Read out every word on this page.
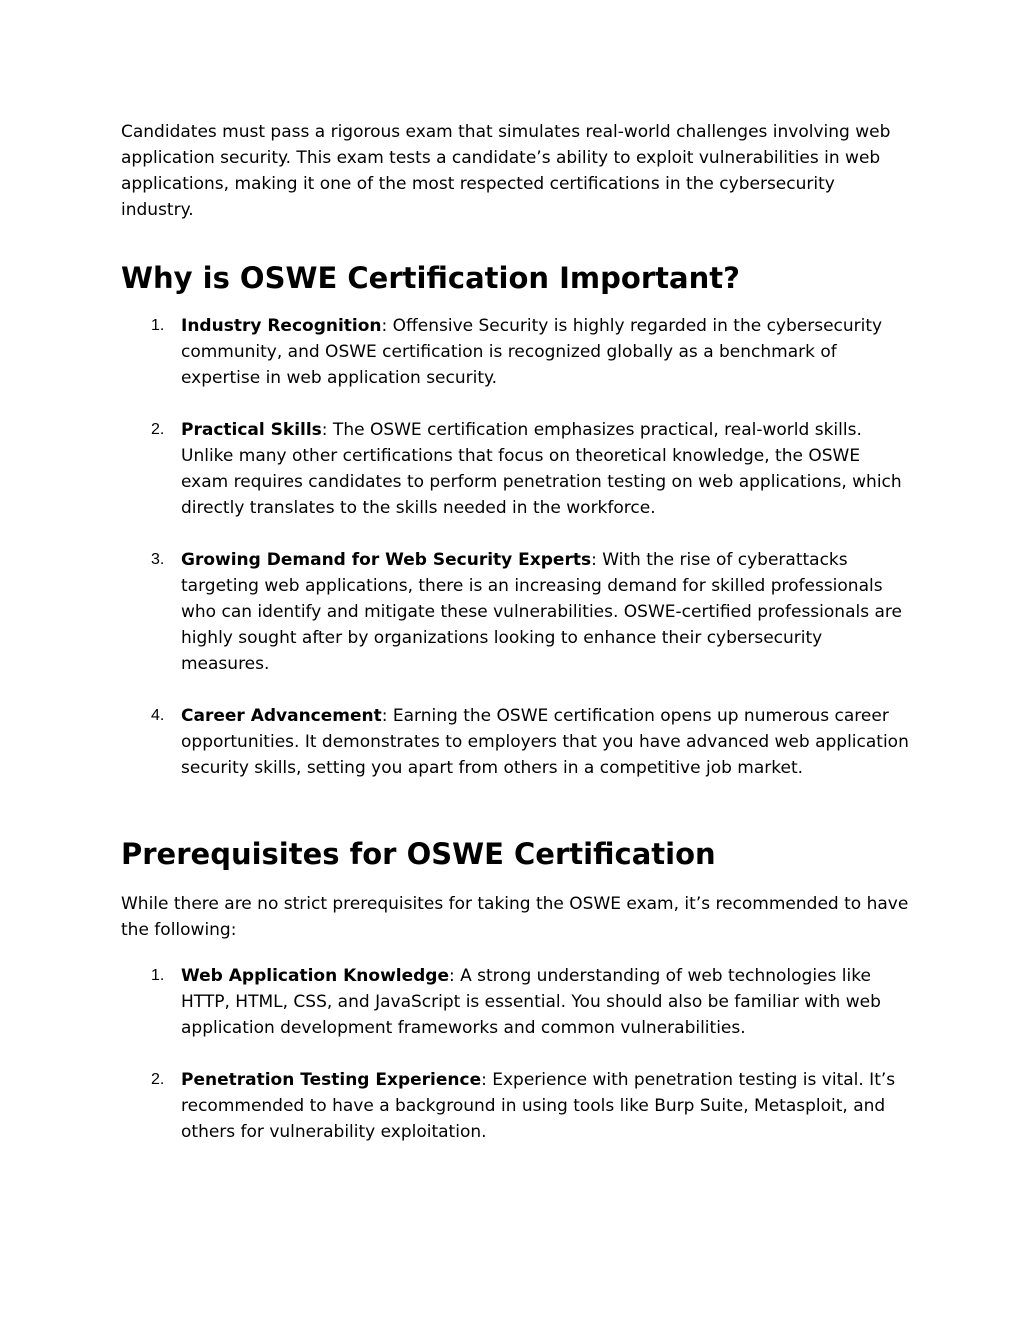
Candidates must pass a rigorous exam that simulates real-world challenges involving web application security. This exam tests a candidate’s ability to exploit vulnerabilities in web applications, making it one of the most respected certifications in the cybersecurity industry.

Why is OSWE Certification Important?
1. Industry Recognition: Offensive Security is highly regarded in the cybersecurity community, and OSWE certification is recognized globally as a benchmark of expertise in web application security.
2. Practical Skills: The OSWE certification emphasizes practical, real-world skills. Unlike many other certifications that focus on theoretical knowledge, the OSWE exam requires candidates to perform penetration testing on web applications, which directly translates to the skills needed in the workforce.
3. Growing Demand for Web Security Experts: With the rise of cyberattacks targeting web applications, there is an increasing demand for skilled professionals who can identify and mitigate these vulnerabilities. OSWE-certified professionals are highly sought after by organizations looking to enhance their cybersecurity measures.
4. Career Advancement: Earning the OSWE certification opens up numerous career opportunities. It demonstrates to employers that you have advanced web application security skills, setting you apart from others in a competitive job market.
Prerequisites for OSWE Certification

While there are no strict prerequisites for taking the OSWE exam, it’s recommended to have the following:

1. Web Application Knowledge: A strong understanding of web technologies like HTTP, HTML, CSS, and JavaScript is essential. You should also be familiar with web application development frameworks and common vulnerabilities.
2. Penetration Testing Experience: Experience with penetration testing is vital. It’s recommended to have a background in using tools like Burp Suite, Metasploit, and others for vulnerability exploitation.
